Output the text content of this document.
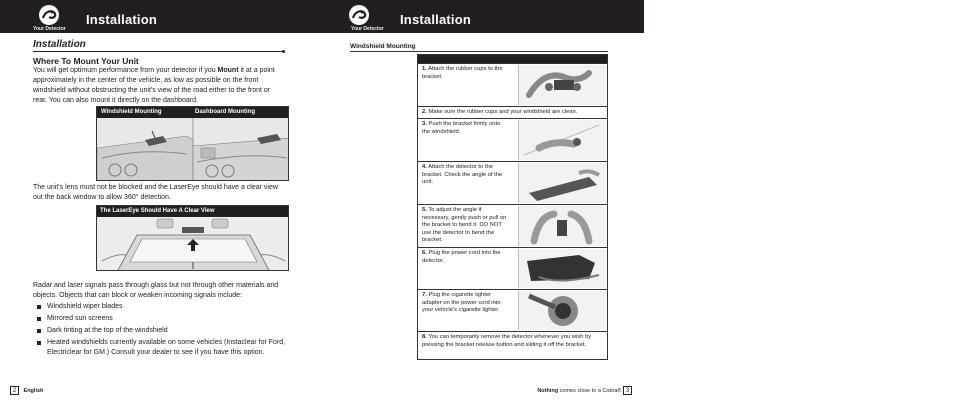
Your Detector
Installation
Installation
Where To Mount Your Unit
You will get optimum performance from your detector if you Mount it at a point approximately in the center of the vehicle, as low as possible on the front windshield without obstructing the unit's view of the road either to the front or rear. You can also mount it directly on the dashboard.
Windshield Mounting	Dashboard Mounting
The unit's lens must not be blocked and the LaserEye should have a clear view out the back window to allow 360° detection.
The LaserEye Should Have A Clear View
Radar and laser signals pass through glass but not through other materials and objects. Objects that can block or weaken incoming signals include:
Windshield wiper blades
Mirrored sun screens
Dark tinting at the top of the windshield
Heated windshields currently available on some vehicles (Instaclear for Ford, Electriclear for GM.) Consult your dealer to see if you have this option.
2 English
Your Detector
Installation
Windshield Mounting
1. Attach the rubber cups to the bracket.
2. Make sure the rubber cups and your windshield are clean.
3. Push the bracket firmly onto the windshield.
4. Attach the detector to the bracket. Check the angle of the unit.
5. To adjust the angle if necessary, gently push or pull on the bracket to bend it. DO NOT use the detector to bend the bracket.
6. Plug the power cord into the detector.
7. Plug the cigarette lighter adapter on the power cord into your vehicle's cigarette lighter.
8. You can temporarily remove the detector whenever you wish by pressing the bracket release button and sliding it off the bracket.
Nothing comes close to a Cobra® 3
